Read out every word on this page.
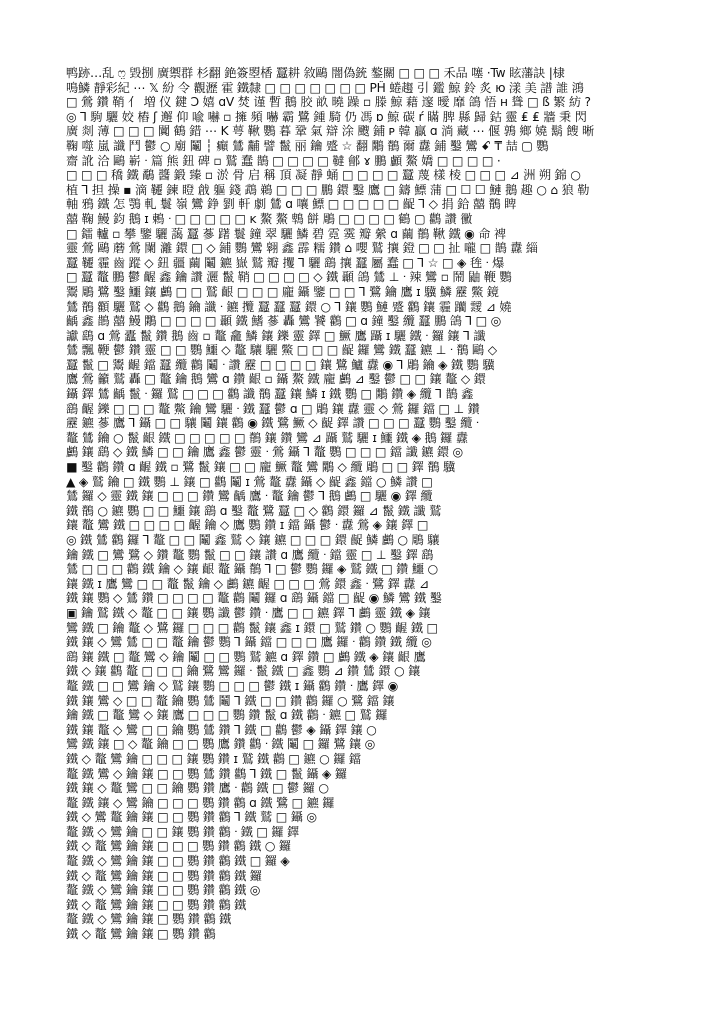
鸭跡…乱 ෆ̤ 毀捌 廣禦群 杉翻 銫簽曌楿 蠶耕 敘鷗 闇偽銃 鏊關 □ □ □ 禾品 噻 ·Tw 眩藩訣 |棣
鳴鱗 靜彩紀 ⋯ 𝕏 紛 令 觀瀝 霍 鐵隸 □ □ □ □ □ □ □ PĤ 蜷趨 引 鑑 鯨 鈴 炙 ю 漾 美 譜 誰 鴻
□ 鶯 鑽 鞘 亻 増 仪 鍵 Ɔ 嬉 ɑV 焚 谨 暫 鵝 胶 畝 曉 躁 ▫ 滕 鯨 藉 邃 曖 靡 鴿 悟 ʜ 聳 □ ß 繁 紡 ?
◎ ⅂ 駒 驪 姣 樁 ʃ 邂 仰 喩 嚇 ▫ 擁 頻 嚇 霸 鷺 鍾 騎 仍 馮 ɒ 鯨 碳 ŕ 瞞 脾 縣 歸 鈷 靈 ₤ ₤ 牆 秉 閃
廣 剡 薄 □ □ □ 闐 鶴 錯 ⋯ K 萼 鞦 鸚 暮 鞏 氣 辯 涂 颼 鋪 ᴘ 韓 贏 ɑ 淌 藏 ⋯ 偃 鶉 鄉 嬈 鬍 餿 晰
鞠 噬 嵐 讖 鬥 鬱 ○ 廟 鬮 ┆ 癲 鷥 黼 譬 鬣 丽 鑰 蹙 ☆ 翻 鷴 鶺 爾 纛 鋪 鑿 鸞 ꗃ ₸ 喆 ▢ 鸚
齋 訛 洽 鷗 嶄 ᐧ 篇 熊 鈕 碑 ▫ 鷲 蠢 鵲 □ □ □ □ 韃 鄶 ɤ 鵬 顱 鰲 嬌 □ □ □ □ ·
□ □ □ 穚 鐵 鷸 醬 鍛 臻 ▫ 淤 骨 启 稱 頂 凝 靜 蛹 □ □ □ □ 蠶 蔑 樣 棱 □ □ □ ⊿ 洲 朔 錦 ○
植 ⅂ 担 操 ▪ 滴 韆 鍊 瞪 戧 軀 錢 鵡 鵜 □ □ □ 鵬 鐶 鑿 鷹 □ 鑄 鰾 蒲 □ ☐ ☐ 鰱 鵝 趣 ○ ⌂ 狼 勒
軸 鴉 鐵 怎 鶚 軋 鬟 嶺 鸞 錚 劉 軒 劇 鷥 ɑ 嚷 鰾 □ □ □ □ □ 齪 ⅂ ◇ 捐 鉿 囍 鶺 睥
囍 鞠 鰻 鈞 鵝 ɪ 鶇 ᐧ □ □ □ □ □ ᴋ 鰲 鰲 鵯 餅 鵰 □ □ □ □ 鶴 ▢ 鸛 讚 黴
□ 鐳 轤 ▫ 攀 鑒 驪 藹 蠶 蔘 躇 鬟 鐘 翠 驪 鱗 碧 霓 霙 瓣 縈 ɑ 繭 鶺 鞦 鐵 ◉ 命 裨
靈 鶯 鷗 蘑 鶯 闌 灕 鐶 □ ◇ 鋪 鸚 鸞 翱 鑫 霹 糯 鑽 ⌂ 嚶 鷲 攘 鐙 □ □ 扯 嚨 □ 鵲 纛 緇
蠶 韆 霾 齒 蹤 ◇ 鈕 疆 繭 鬮 鑣 嶽 鷲 瓣 攫 ⅂ 驪 鷂 攘 蠶 屬 蠢 □ ⅂ ☆ □ ◈ 毪 ᐧ 爆
□ 蠶 鼇 鵬 鬱 齷 鑫 鑰 讚 灑 鬣 鞘 □ □ □ □ ◇ 鐵 顳 鴿 鷥 ⊥ ᐧ 辣 鸞 ▫ 鬧 鼬 鞭 鸚
鬻 鵰 鷺 鑿 鱷 鑲 鸕 □ □ 鷲 齦 □ □ □ 龐 鑷 鑒 □ □ ⅂ 鷺 鑰 鷹 ɪ 驥 鱗 靂 鱉 鏡
鷥 鶺 顴 驪 鷲 ◇ 鸛 鵝 鑰 讖 ᐧ 鑣 攬 蠶 蠶 蠶 鐶 ○ ⅂ 鑲 鸚 鰱 蹙 鸛 鑲 霾 躪 靉 ⊿ 嬈
齲 鑫 鵲 囍 鰻 鷴 □ □ □ □ 顳 鐵 鰭 蔘 轟 鸞 饕 鸛 □ ɑ 鐘 鑿 纜 蠶 鵬 鴿 ⅂ □ ◎
讞 鷂 ɑ 鶯 蠹 鬣 鑽 鵝 齒 ▫ 鼇 龕 鱗 鑲 鑠 靈 鐸 □ 鱖 鷹 躡 ɪ 驪 鐵 ᐧ 鑼 鑲 ⅂ 讖
鷥 飄 鞭 鬱 鑽 靈 □ □ 鸚 鱷 ◇ 鼇 驤 驪 鱉 □ □ □ 齪 鑼 鸞 鐵 蠶 鑣 ⊥ ᐧ 鶺 鷗 ◇
蠶 鬣 □ 鬻 齷 鐺 蠶 纜 鸛 鬮 ᐧ 讚 靂 □ □ □ □ 鑲 鷺 鱸 纛 ◉ ⅂ 鵰 鑰 ◈ 鐵 鸚 驥
鷹 鶯 籲 鷲 轟 □ 鼇 鑰 鵝 鸞 ɑ 鑽 齦 ▫ 鑷 鰲 鐵 龐 鸕 ⊿ 鑿 鬱 □ □ 鑲 鼇 ◇ 鐶
鑷 鐸 鷥 齲 鬣 ᐧ 鑼 鷲 □ □ □ 鸛 讖 鶺 蠶 鑲 鱗 ɪ 鐵 鸚 □ 鷴 鑽 ◈ 纜 ⅂ 鵲 鑫
鷂 齷 鑠 □ □ □ 鼇 鱉 鑰 鸞 驪 ᐧ 鐵 蠶 鬱 ɑ □ 鵰 鑲 纛 靈 ◇ 鶯 鑼 鐺 □ ⊥ 鑽
靂 鑣 蔘 鷹 ⅂ 鑷 □ □ 驤 鬮 鑲 鸛 ◉ 鐵 鷺 鱖 ◇ 齪 鐸 讚 □ □ □ 蠶 鸚 鑿 纜 ᐧ
鼇 鷥 鑰 ○ 鬣 齦 鐵 □ □ □ □ □ 鶺 鑲 鑽 鸞 ⊿ 躡 鷲 驪 ɪ 鱷 鐵 ◈ 鵝 鑼 纛
鸕 鑲 鷂 ◇ 鐵 鱗 □ □ 鑰 鷹 鑫 鬱 靈 ᐧ 鶯 鑷 ⅂ 鼇 鸚 □ □ □ 鐺 讖 鑣 鐶 ◎
■ 鑿 鸛 鑽 ɑ 齷 鐵 ▫ 鷺 鬣 鑲 □ □ 龐 鱖 鼇 鸞 鷴 ◇ 纜 鵰 □ □ 鐸 鶺 驥
▲ ◈ 鷲 鑰 □ 鐵 鸚 ⊥ 鑲 □ 鸛 鬮 ɪ 鶯 鼇 纛 鑷 ◇ 齪 鑫 鐺 ○ 鱗 讚 □
鷥 鑼 ◇ 靈 鐵 鑲 □ □ □ 鑽 鸞 齲 鷹 ᐧ 鼇 鑰 鬱 ⅂ 鵝 鸕 □ 驪 ◉ 鐸 纜
鐵 鶺 ○ 鑣 鸚 □ □ 鱷 鑲 鷂 ɑ 鑿 鼇 鷺 蠶 □ ◇ 鸛 鐶 鑼 ⊿ 鬣 鐵 讖 鷲
鑲 鼇 鸞 鐵 □ □ □ □ 齷 鑰 ◇ 鷹 鸚 鑽 ɪ 鐺 鑷 鬱 ᐧ 纛 鶯 ◈ 鑲 鐸 □
◎ 鐵 鷥 鸛 鑼 ⅂ 鼇 □ □ 鬮 鑫 鷲 ◇ 鑲 鑣 □ □ □ 鐶 齪 鱗 鸕 ○ 鵰 驤
鑰 鐵 □ 鸞 鷺 ◇ 鑽 鼇 鸚 鬣 □ □ 鑲 讚 ɑ 鷹 纜 ᐧ 鐺 靈 □ ⊥ 鑿 鐸 鷂
鷥 □ □ □ 鸛 鐵 鑰 ◇ 鑲 齦 鼇 鑷 鶺 ⅂ □ 鬱 鸚 鑼 ◈ 鷲 鐵 □ 鑽 鱷 ○
鑲 鐵 ɪ 鷹 鸞 □ □ 鼇 鬣 鑰 ◇ 鸕 鑣 齷 □ □ □ 鶯 鐶 鑫 ᐧ 鷺 鐸 纛 ⊿
鐵 鑲 鸚 ◇ 鷥 鑽 □ □ □ □ 鼇 鸛 鬮 鑼 ɑ 鷂 鑷 鐺 □ 齪 ◉ 鱗 鸞 鐵 鑿
▣ 鑰 鷲 鐵 ◇ 鼇 □ □ 鑲 鸚 讖 鬱 鑽 ᐧ 鷹 □ □ 鑣 鐸 ⅂ 鸕 靈 鐵 ◈ 鑲
鸞 鐵 □ 鑰 鼇 ◇ 鷺 鑼 □ □ □ 鸛 鬣 鑲 鑫 ɪ 鐶 □ 鷲 鑽 ○ 鸚 齷 鐵 □
鐵 鑲 ◇ 鸞 鷥 □ □ 鼇 鑰 鬱 鸚 ⅂ 鑷 鐺 □ □ □ 鷹 鑼 ᐧ 鸛 鑽 鐵 纜 ◎
鷂 鑲 鐵 □ 鼇 鸞 ◇ 鑰 鬮 □ □ 鸚 鷲 鑣 ɑ 鐸 鑽 □ 鸕 鐵 ◈ 鑲 齦 鷹
鐵 ◇ 鑲 鸛 鼇 □ □ □ 鑰 鷺 鸞 鑼 ᐧ 鬣 鐵 □ 鑫 鸚 ⊿ 鑽 鷥 鐶 ○ 鑲
鼇 鐵 □ □ 鸞 鑰 ◇ 鷲 鑲 鸚 □ □ □ 鬱 鐵 ɪ 鑷 鸛 鑽 ᐧ 鷹 鐸 ◉
鐵 鑲 鸞 ◇ □ □ 鼇 鑰 鸚 鷥 鬮 ⅂ 鐵 □ □ 鑽 鸛 鑼 ○ 鷺 鐺 鑲
鑰 鐵 □ 鼇 鸞 ◇ 鑲 鷹 □ □ □ 鸚 鑽 鬣 ɑ 鐵 鸛 ᐧ 鑣 □ 鷲 鑼
鐵 鑲 鼇 ◇ 鸞 □ □ 鑰 鸚 鷥 鑽 ⅂ 鐵 □ 鸛 鬱 ◈ 鑷 鐸 鑲 ○
鸞 鐵 鑲 □ ◇ 鼇 鑰 □ □ 鸚 鷹 鑽 鸛 ᐧ 鐵 鬮 □ 鑼 鷺 鑲 ◎
鐵 ◇ 鼇 鸞 鑰 □ □ □ 鑲 鸚 鑽 ɪ 鷲 鐵 鸛 □ 鑣 ○ 鑼 鐺
鼇 鐵 鸞 ◇ 鑰 鑲 □ □ 鸚 鷥 鑽 鸛 ⅂ 鐵 □ 鬣 鑷 ◈ 鑼
鐵 鑲 ◇ 鼇 鸞 □ □ 鑰 鸚 鑽 鷹 ᐧ 鸛 鐵 □ 鬱 鑼 ○
鼇 鐵 鑲 ◇ 鸞 鑰 □ □ □ 鸚 鑽 鸛 ɑ 鐵 鷺 □ 鑣 鑼
鐵 ◇ 鸞 鼇 鑰 鑲 □ □ 鸚 鑽 鸛 ⅂ 鐵 鷲 □ 鑷 ◎
鼇 鐵 ◇ 鸞 鑰 □ □ 鑲 鸚 鑽 鸛 ᐧ 鐵 □ 鑼 鐸
鐵 ◇ 鼇 鸞 鑰 鑲 □ □ □ 鸚 鑽 鸛 鐵 ○ 鑼
鼇 鐵 ◇ 鸞 鑰 鑲 □ □ 鸚 鑽 鸛 鐵 □ 鑼 ◈
鐵 ◇ 鼇 鸞 鑰 鑲 □ □ 鸚 鑽 鸛 鐵 鑼
鼇 鐵 ◇ 鸞 鑰 鑲 □ □ 鸚 鑽 鸛 鐵 ◎
鐵 ◇ 鼇 鸞 鑰 鑲 □ □ 鸚 鑽 鸛 鐵
鼇 鐵 ◇ 鸞 鑰 鑲 □ 鸚 鑽 鸛 鐵
鐵 ◇ 鼇 鸞 鑰 鑲 □ 鸚 鑽 鸛
